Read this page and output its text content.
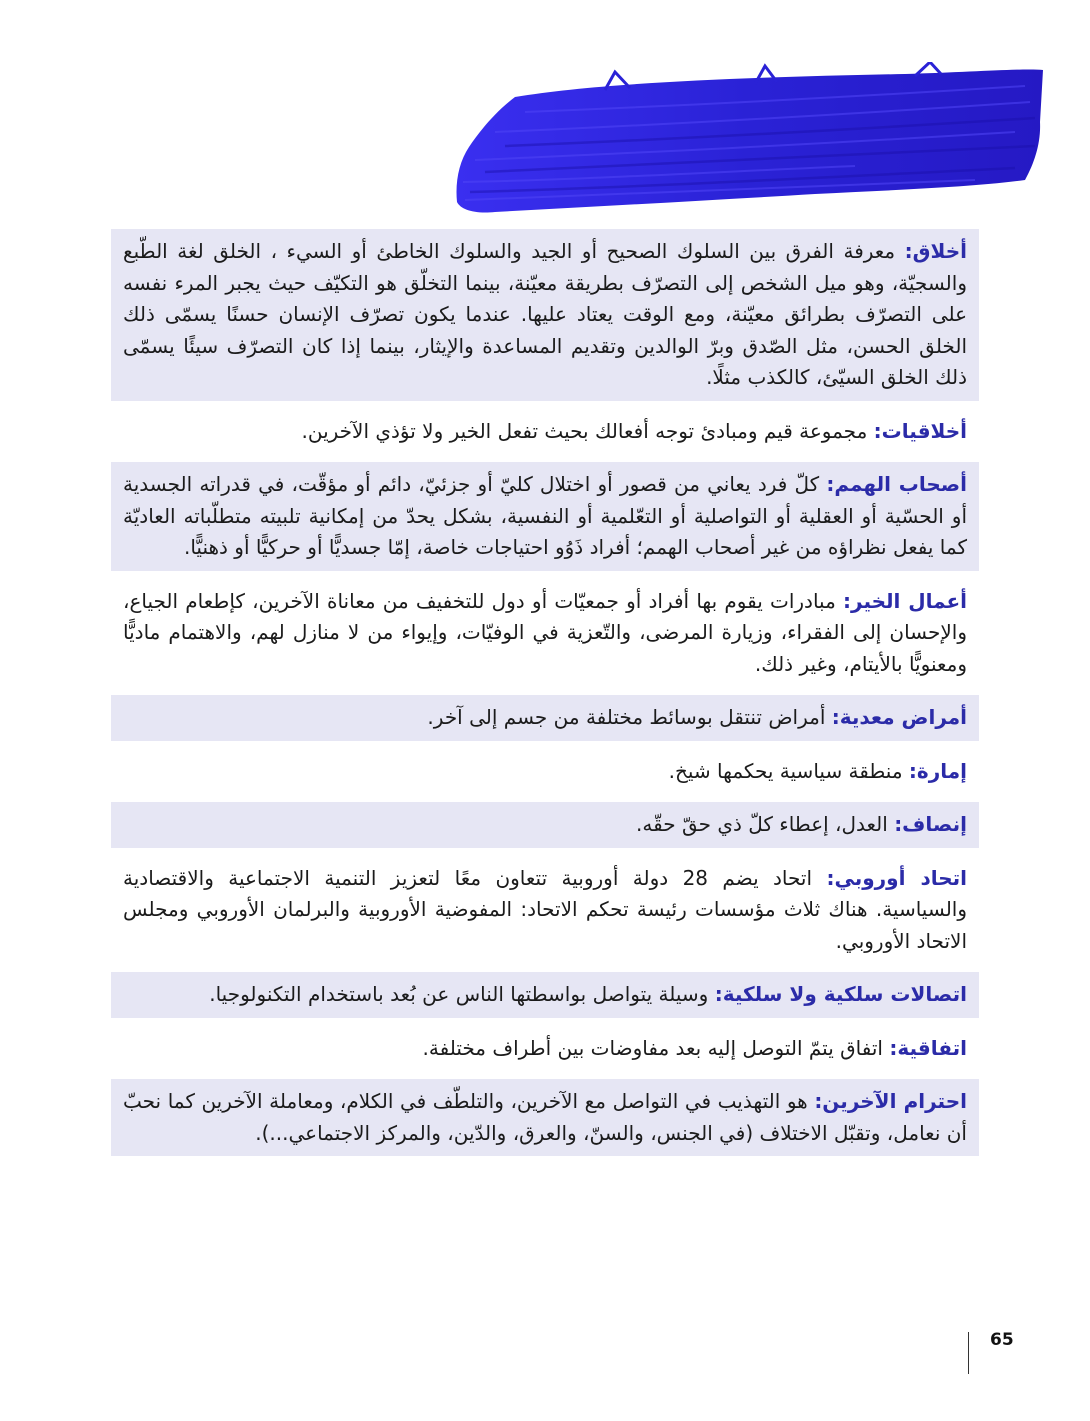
أخلاق: معرفة الفرق بين السلوك الصحيح أو الجيد والسلوك الخاطئ أو السيء ، الخلق لغة الطّبع والسجيّة، وهو ميل الشخص إلى التصرّف بطريقة معيّنة، بينما التخلّق هو التكيّف حيث يجبر المرء نفسه على التصرّف بطرائق معيّنة، ومع الوقت يعتاد عليها. عندما يكون تصرّف الإنسان حسنًا يسمّى ذلك الخلق الحسن، مثل الصّدق وبرّ الوالدين وتقديم المساعدة والإيثار، بينما إذا كان التصرّف سيئًا يسمّى ذلك الخلق السيّئ، كالكذب مثلًا.
أخلاقيات: مجموعة قيم ومبادئ توجه أفعالك بحيث تفعل الخير ولا تؤذي الآخرين.
أصحاب الهمم: كلّ فرد يعاني من قصور أو اختلال كليّ أو جزئيّ، دائم أو مؤقّت، في قدراته الجسدية أو الحسّية أو العقلية أو التواصلية أو التعّلمية أو النفسية، بشكل يحدّ من إمكانية تلبيته متطلّباته العاديّة كما يفعل نظراؤه من غير أصحاب الهمم؛ أفراد ذَوُو احتياجات خاصة، إمّا جسديًّا أو حركيًّا أو ذهنيًّا.
أعمال الخير: مبادرات يقوم بها أفراد أو جمعيّات أو دول للتخفيف من معاناة الآخرين، كإطعام الجياع، والإحسان إلى الفقراء، وزيارة المرضى، والتّعزية في الوفيّات، وإيواء من لا منازل لهم، والاهتمام ماديًّا ومعنويًّا بالأيتام، وغير ذلك.
أمراض معدية: أمراض تنتقل بوسائط مختلفة من جسم إلى آخر.
إمارة: منطقة سياسية يحكمها شيخ.
إنصاف: العدل، إعطاء كلّ ذي حقّ حقّه.
اتحاد أوروبي: اتحاد يضم 28 دولة أوروبية تتعاون معًا لتعزيز التنمية الاجتماعية والاقتصادية والسياسية. هناك ثلاث مؤسسات رئيسة تحكم الاتحاد: المفوضية الأوروبية والبرلمان الأوروبي ومجلس الاتحاد الأوروبي.
اتصالات سلكية ولا سلكية: وسيلة يتواصل بواسطتها الناس عن بُعد باستخدام التكنولوجيا.
اتفاقية: اتفاق يتمّ التوصل إليه بعد مفاوضات بين أطراف مختلفة.
احترام الآخرين: هو التهذيب في التواصل مع الآخرين، والتلطّف في الكلام، ومعاملة الآخرين كما نحبّ أن نعامل، وتقبّل الاختلاف (في الجنس، والسنّ، والعرق، والدّين، والمركز الاجتماعي...).
65
